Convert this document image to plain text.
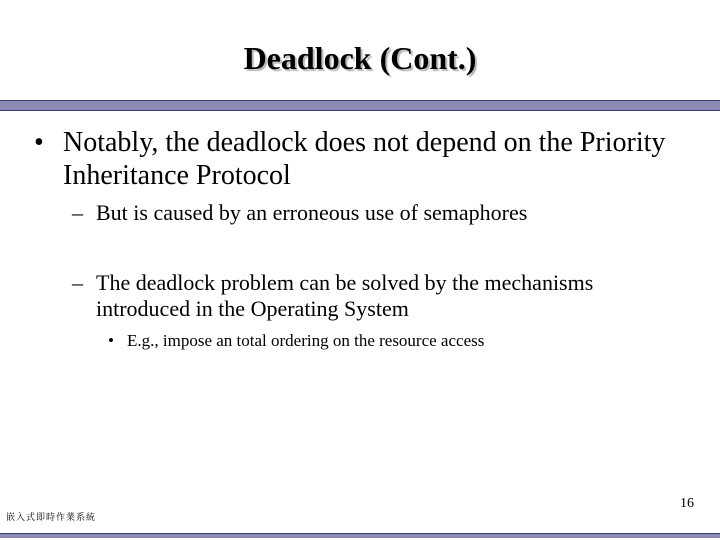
Deadlock (Cont.)
• Notably, the deadlock does not depend on the Priority Inheritance Protocol
– But is caused by an erroneous use of semaphores
– The deadlock problem can be solved by the mechanisms introduced in the Operating System
• E.g., impose an total ordering on the resource access
16
嵌入式即時作業系統
